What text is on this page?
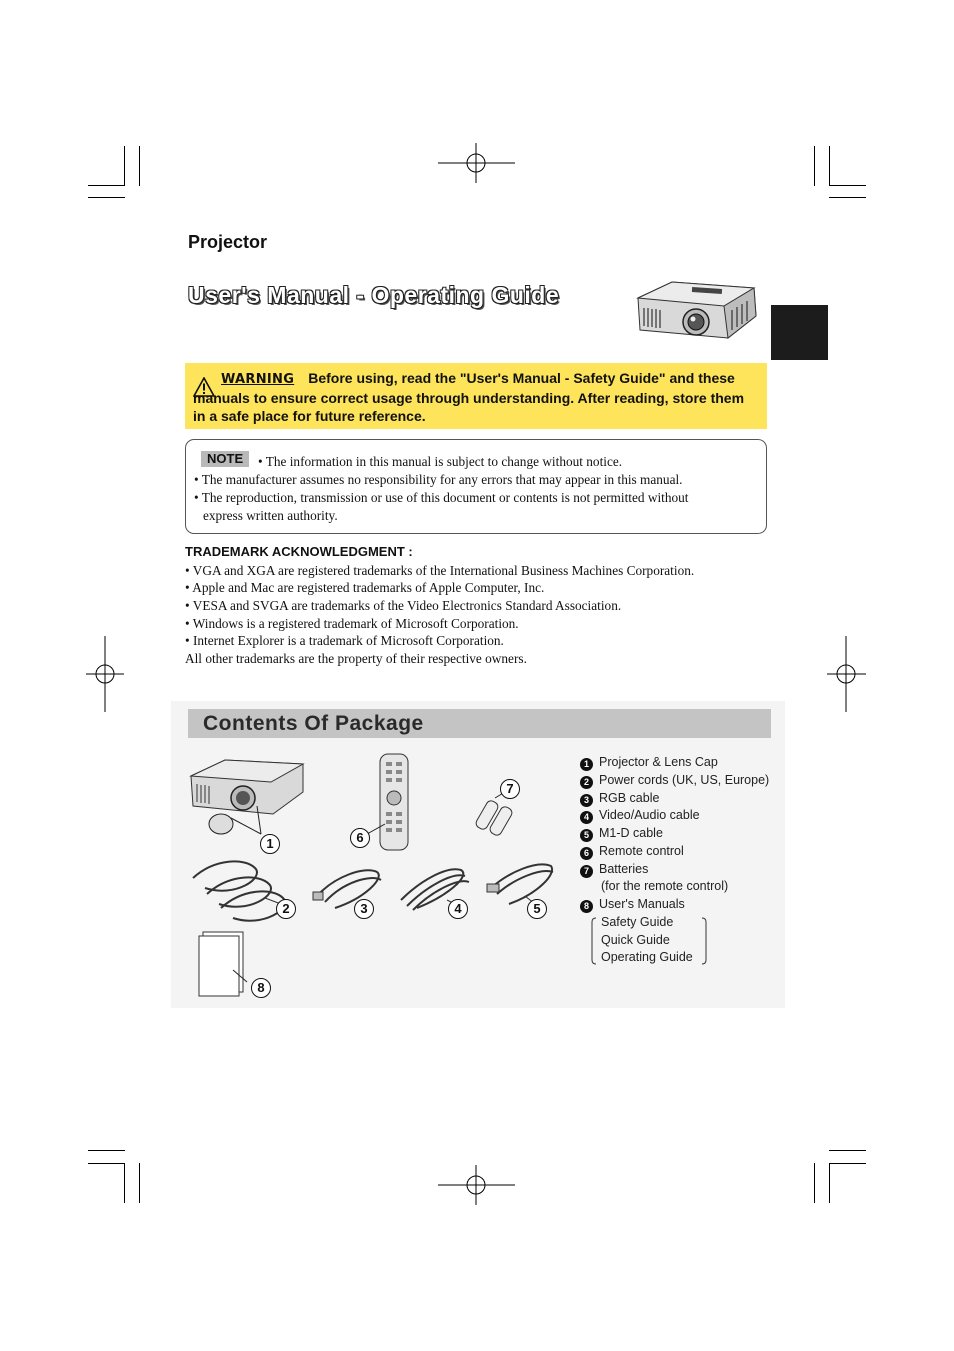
Projector
User's Manual - Operating Guide
WARNING Before using, read the "User's Manual - Safety Guide" and these manuals to ensure correct usage through understanding. After reading, store them in a safe place for future reference.
NOTE	• The information in this manual is subject to change without notice.
• The manufacturer assumes no responsibility for any errors that may appear in this manual.
• The reproduction, transmission or use of this document or contents is not permitted without
express written authority.
TRADEMARK ACKNOWLEDGMENT :
• VGA and XGA are registered trademarks of the International Business Machines Corporation.
• Apple and Mac are registered trademarks of Apple Computer, Inc.
• VESA and SVGA are trademarks of the Video Electronics Standard Association.
• Windows is a registered trademark of Microsoft Corporation.
• Internet Explorer is a trademark of Microsoft Corporation.
All other trademarks are the property of their respective owners.
Contents Of Package
1
2	3	4	5
6
7
8
1 Projector & Lens Cap
2 Power cords (UK, US, Europe)
3 RGB cable
4 Video/Audio cable
5 M1-D cable
6 Remote control
7 Batteries
(for the remote control)
8 User's Manuals
Safety Guide
Quick Guide
Operating Guide
